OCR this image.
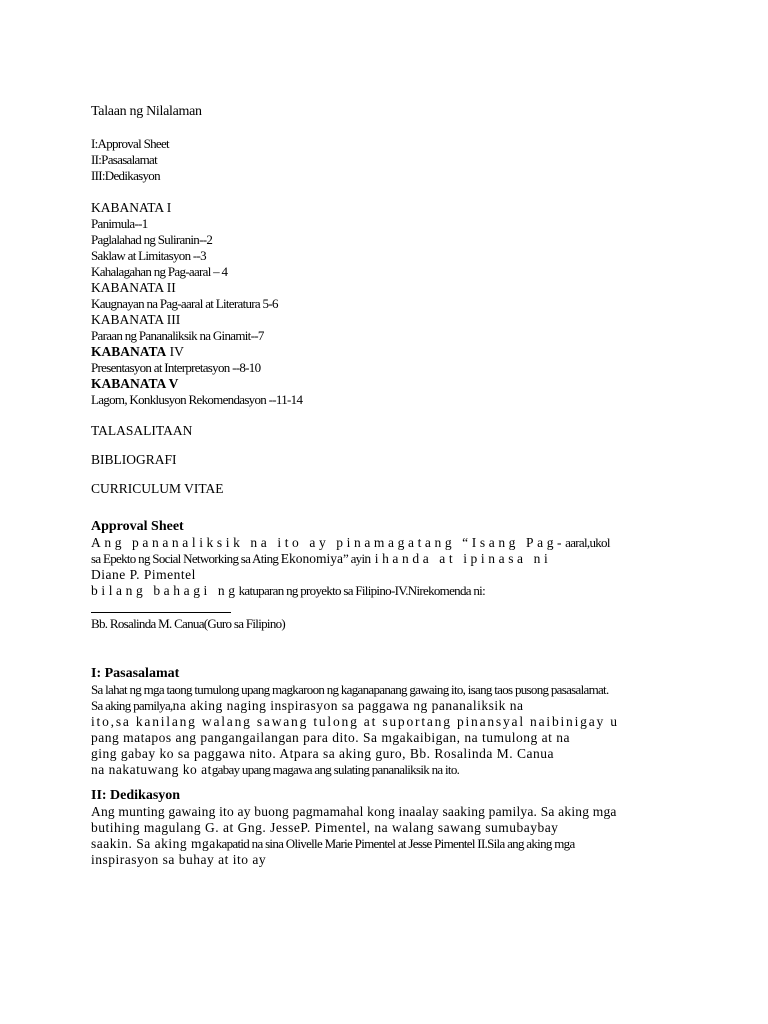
Talaan ng Nilalaman
I:Approval Sheet
II:Pasasalamat
III:Dedikasyon
KABANATA I
Panimula--1
Paglalahad ng Suliranin--2
Saklaw at Limitasyon --3
Kahalagahan ng Pag-aaral – 4
KABANATA II
Kaugnayan na Pag-aaral at Literatura 5-6
KABANATA III
Paraan ng Pananaliksik na Ginamit--7
KABANATA IV
Presentasyon at Interpretasyon --8-10
KABANATA V
Lagom, Konklusyon Rekomendasyon --11-14
TALASALITAAN
BIBLIOGRAFI
CURRICULUM VITAE
Approval Sheet
Ang pananaliksik na ito ay pinamagatang “Isang Pag-aaral,ukol
sa Epekto ng Social Networking sa Ating Ekonomiya” ayinihanda at ipinasa ni
Diane P. Pimentel
bilang bahagi ngkatuparan ng proyekto sa Filipino-IV.Nirekomenda ni:
Bb. Rosalinda M. Canua(Guro sa Filipino)
I: Pasasalamat
Sa lahat ng mga taong tumulong upang magkaroon ng kaganapanang gawaing ito, isang taos pusong pasasalamat.
Sa aking pamilya,na aking naging inspirasyon sa paggawa ng pananaliksik na
ito,sa kanilang walang sawang tulong at suportang pinansyal naibinigay u
pang matapos ang pangangailangan para dito. Sa mgakaibigan, na tumulong at na
ging gabay ko sa paggawa nito. Atpara sa aking guro, Bb. Rosalinda M. Canua
na nakatuwang ko atgabay upang magawa ang sulating pananaliksik na ito.
II: Dedikasyon
Ang munting gawaing ito ay buong pagmamahal kong inaalay saaking pamilya. Sa aking mga
butihing magulang G. at Gng. JesseP. Pimentel, na walang sawang sumubaybay
saakin. Sa aking mgakapatid na sina Olivelle Marie Pimentel at Jesse Pimentel II.Sila ang aking mga
inspirasyon sa buhay at ito ay
